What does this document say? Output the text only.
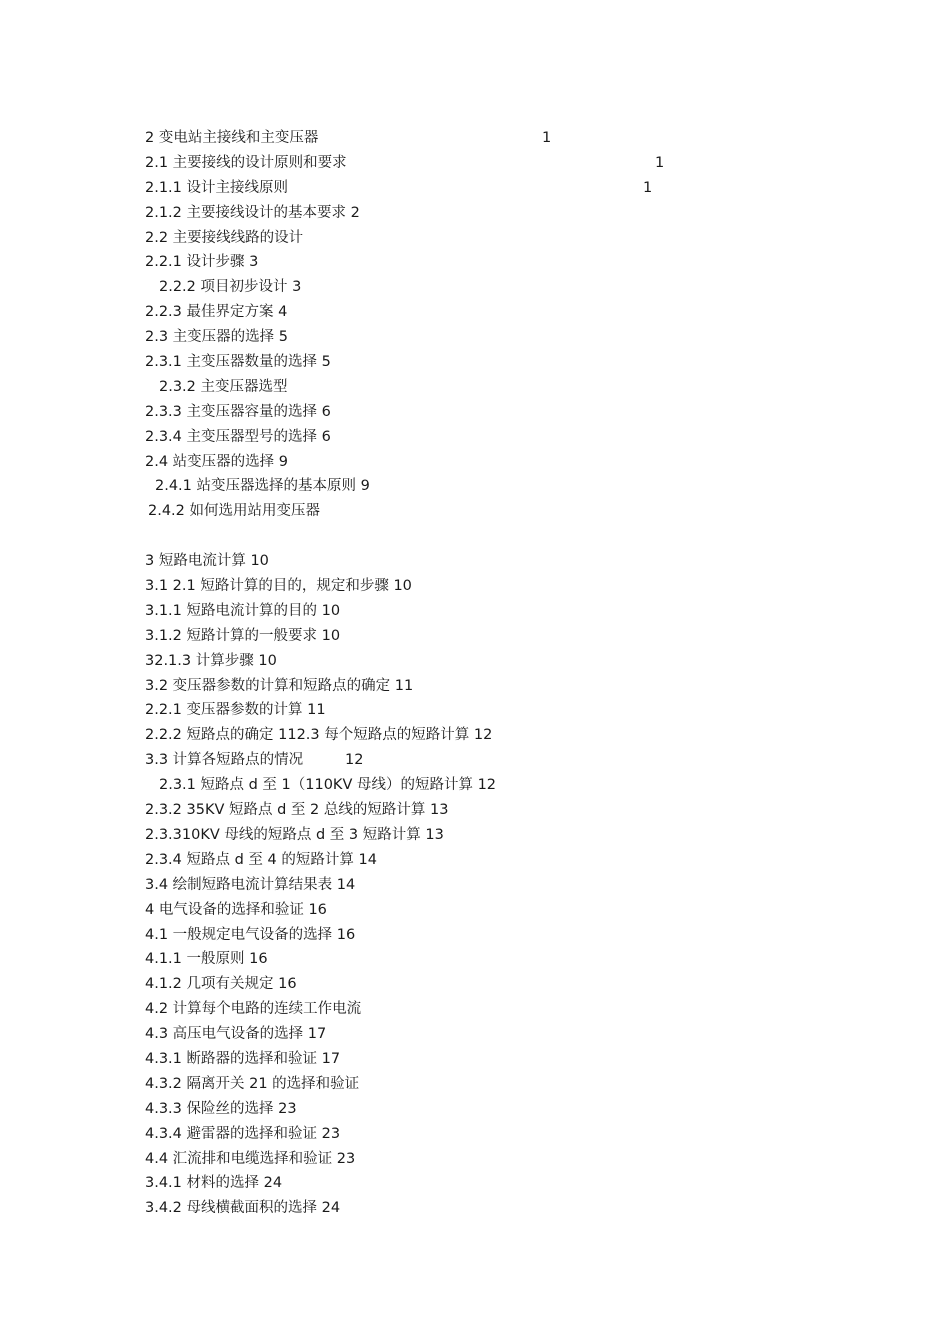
2 变电站主接线和主变压器	1
2.1 主要接线的设计原则和要求	1
2.1.1 设计主接线原则	1
2.1.2 主要接线设计的基本要求 2
2.2 主要接线线路的设计
2.2.1 设计步骤 3
2.2.2 项目初步设计 3
2.2.3 最佳界定方案 4
2.3 主变压器的选择 5
2.3.1 主变压器数量的选择 5
2.3.2 主变压器选型
2.3.3 主变压器容量的选择 6
2.3.4 主变压器型号的选择 6
2.4 站变压器的选择 9
2.4.1 站变压器选择的基本原则 9
2.4.2 如何选用站用变压器
3 短路电流计算 10
3.1 2.1 短路计算的目的，规定和步骤 10
3.1.1 短路电流计算的目的 10
3.1.2 短路计算的一般要求 10
32.1.3 计算步骤 10
3.2 变压器参数的计算和短路点的确定 11
2.2.1 变压器参数的计算 11
2.2.2 短路点的确定 112.3 每个短路点的短路计算 12
3.3 计算各短路点的情况	12
2.3.1 短路点 d 至 1（110KV 母线）的短路计算 12
2.3.2 35KV 短路点 d 至 2 总线的短路计算 13
2.3.310KV 母线的短路点 d 至 3 短路计算 13
2.3.4 短路点 d 至 4 的短路计算 14
3.4 绘制短路电流计算结果表 14
4 电气设备的选择和验证 16
4.1 一般规定电气设备的选择 16
4.1.1 一般原则 16
4.1.2 几项有关规定 16
4.2 计算每个电路的连续工作电流
4.3 高压电气设备的选择 17
4.3.1 断路器的选择和验证 17
4.3.2 隔离开关 21 的选择和验证
4.3.3 保险丝的选择 23
4.3.4 避雷器的选择和验证 23
4.4 汇流排和电缆选择和验证 23
3.4.1 材料的选择 24
3.4.2 母线横截面积的选择 24
